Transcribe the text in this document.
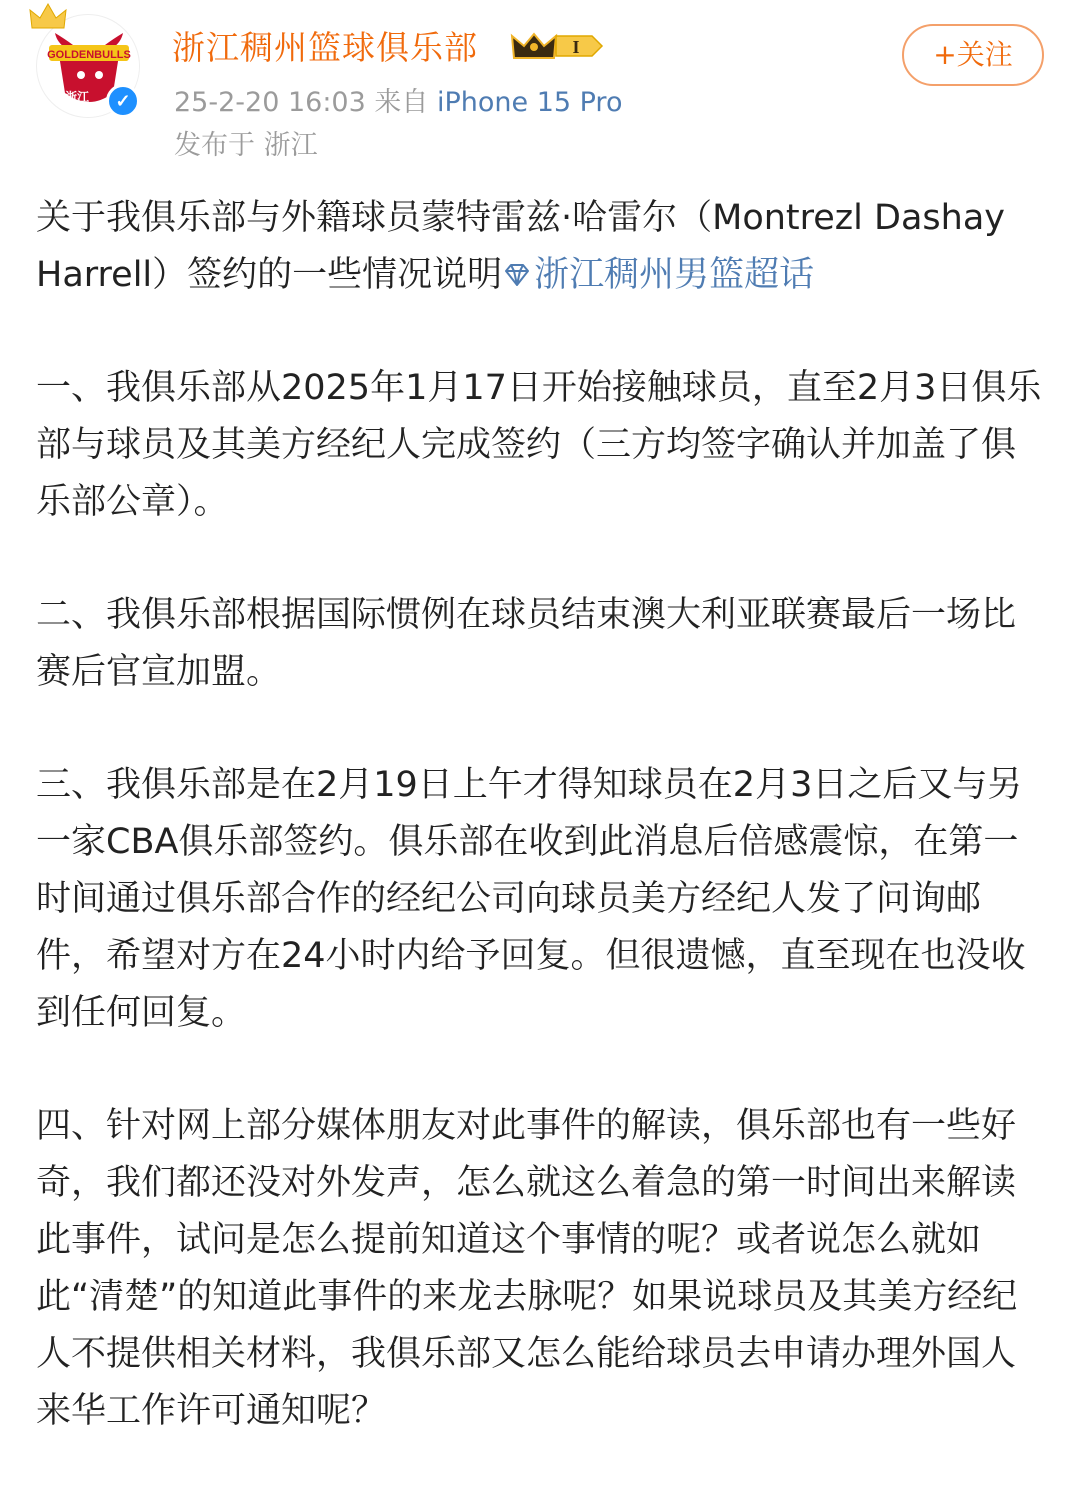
GOLDENBULLS
浙江	✓
浙江稠州篮球俱乐部	I
25-2-20 16:03 来自 iPhone 15 Pro
发布于 浙江
+关注

关于我俱乐部与外籍球员蒙特雷兹·哈雷尔（Montrezl Dashay Harrell）签约的一些情况说明 浙江稠州男篮超话

一、我俱乐部从2025年1月17日开始接触球员，直至2月3日俱乐部与球员及其美方经纪人完成签约（三方均签字确认并加盖了俱乐部公章）。

二、我俱乐部根据国际惯例在球员结束澳大利亚联赛最后一场比赛后官宣加盟。

三、我俱乐部是在2月19日上午才得知球员在2月3日之后又与另一家CBA俱乐部签约。俱乐部在收到此消息后倍感震惊，在第一时间通过俱乐部合作的经纪公司向球员美方经纪人发了问询邮件，希望对方在24小时内给予回复。但很遗憾，直至现在也没收到任何回复。

四、针对网上部分媒体朋友对此事件的解读，俱乐部也有一些好奇，我们都还没对外发声，怎么就这么着急的第一时间出来解读此事件，试问是怎么提前知道这个事情的呢？或者说怎么就如此“清楚”的知道此事件的来龙去脉呢？如果说球员及其美方经纪人不提供相关材料，我俱乐部又怎么能给球员去申请办理外国人来华工作许可通知呢？
